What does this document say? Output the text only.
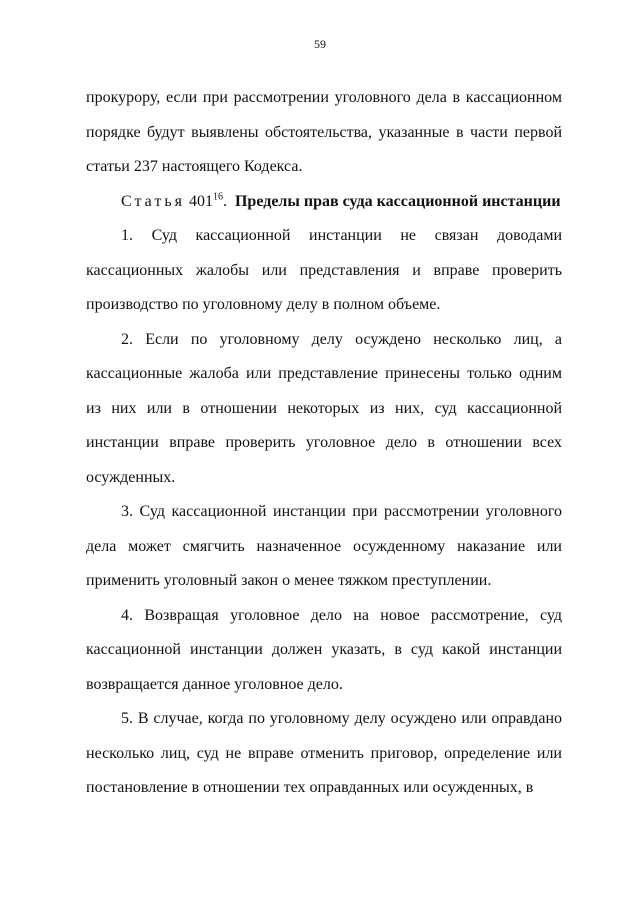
59

прокурору, если при рассмотрении уголовного дела в кассационном порядке будут выявлены обстоятельства, указанные в части первой статьи 237 настоящего Кодекса.

Статья $401^{16}$. Пределы прав суда кассационной инстанции

1. Суд кассационной инстанции не связан доводами кассационных жалобы или представления и вправе проверить производство по уголовному делу в полном объеме.

2. Если по уголовному делу осуждено несколько лиц, а кассационные жалоба или представление принесены только одним из них или в отношении некоторых из них, суд кассационной инстанции вправе проверить уголовное дело в отношении всех осужденных.

3. Суд кассационной инстанции при рассмотрении уголовного дела может смягчить назначенное осужденному наказание или применить уголовный закон о менее тяжком преступлении.

4. Возвращая уголовное дело на новое рассмотрение, суд кассационной инстанции должен указать, в суд какой инстанции возвращается данное уголовное дело.

5. В случае, когда по уголовному делу осуждено или оправдано несколько лиц, суд не вправе отменить приговор, определение или постановление в отношении тех оправданных или осужденных, в
